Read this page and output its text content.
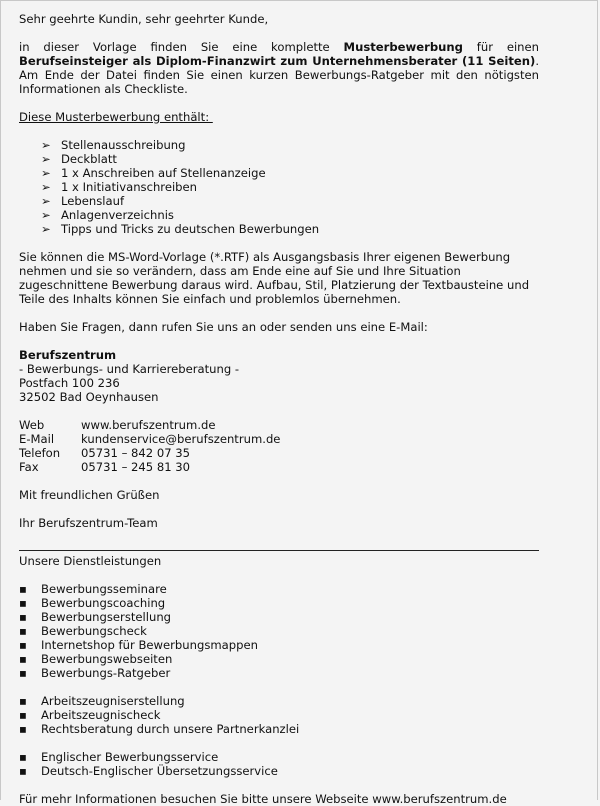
Sehr geehrte Kundin, sehr geehrter Kunde,

in dieser Vorlage finden Sie eine komplette Musterbewerbung für einen Berufseinsteiger als Diplom-Finanzwirt zum Unternehmensberater (11 Seiten). Am Ende der Datei finden Sie einen kurzen Bewerbungs-Ratgeber mit den nötigsten Informationen als Checkliste.

Diese Musterbewerbung enthält:

➢ Stellenausschreibung
➢ Deckblatt
➢ 1 x Anschreiben auf Stellenanzeige
➢ 1 x Initiativanschreiben
➢ Lebenslauf
➢ Anlagenverzeichnis
➢ Tipps und Tricks zu deutschen Bewerbungen

Sie können die MS-Word-Vorlage (*.RTF) als Ausgangsbasis Ihrer eigenen Bewerbung nehmen und sie so verändern, dass am Ende eine auf Sie und Ihre Situation zugeschnittene Bewerbung daraus wird. Aufbau, Stil, Platzierung der Textbausteine und Teile des Inhalts können Sie einfach und problemlos übernehmen.

Haben Sie Fragen, dann rufen Sie uns an oder senden uns eine E-Mail:

Berufszentrum
- Bewerbungs- und Karriereberatung -
Postfach 100 236
32502 Bad Oeynhausen
Web	www.berufszentrum.de
E-Mail	kundenservice@berufszentrum.de
Telefon	05731 – 842 07 35
Fax	05731 – 245 81 30

Mit freundlichen Grüßen

Ihr Berufszentrum-Team

Unsere Dienstleistungen

▪ Bewerbungsseminare
▪ Bewerbungscoaching
▪ Bewerbungserstellung
▪ Bewerbungscheck
▪ Internetshop für Bewerbungsmappen
▪ Bewerbungswebseiten
▪ Bewerbungs-Ratgeber
▪ Arbeitszeugniserstellung
▪ Arbeitszeugnischeck
▪ Rechtsberatung durch unsere Partnerkanzlei
▪ Englischer Bewerbungsservice
▪ Deutsch-Englischer Übersetzungsservice

Für mehr Informationen besuchen Sie bitte unsere Webseite www.berufszentrum.de
